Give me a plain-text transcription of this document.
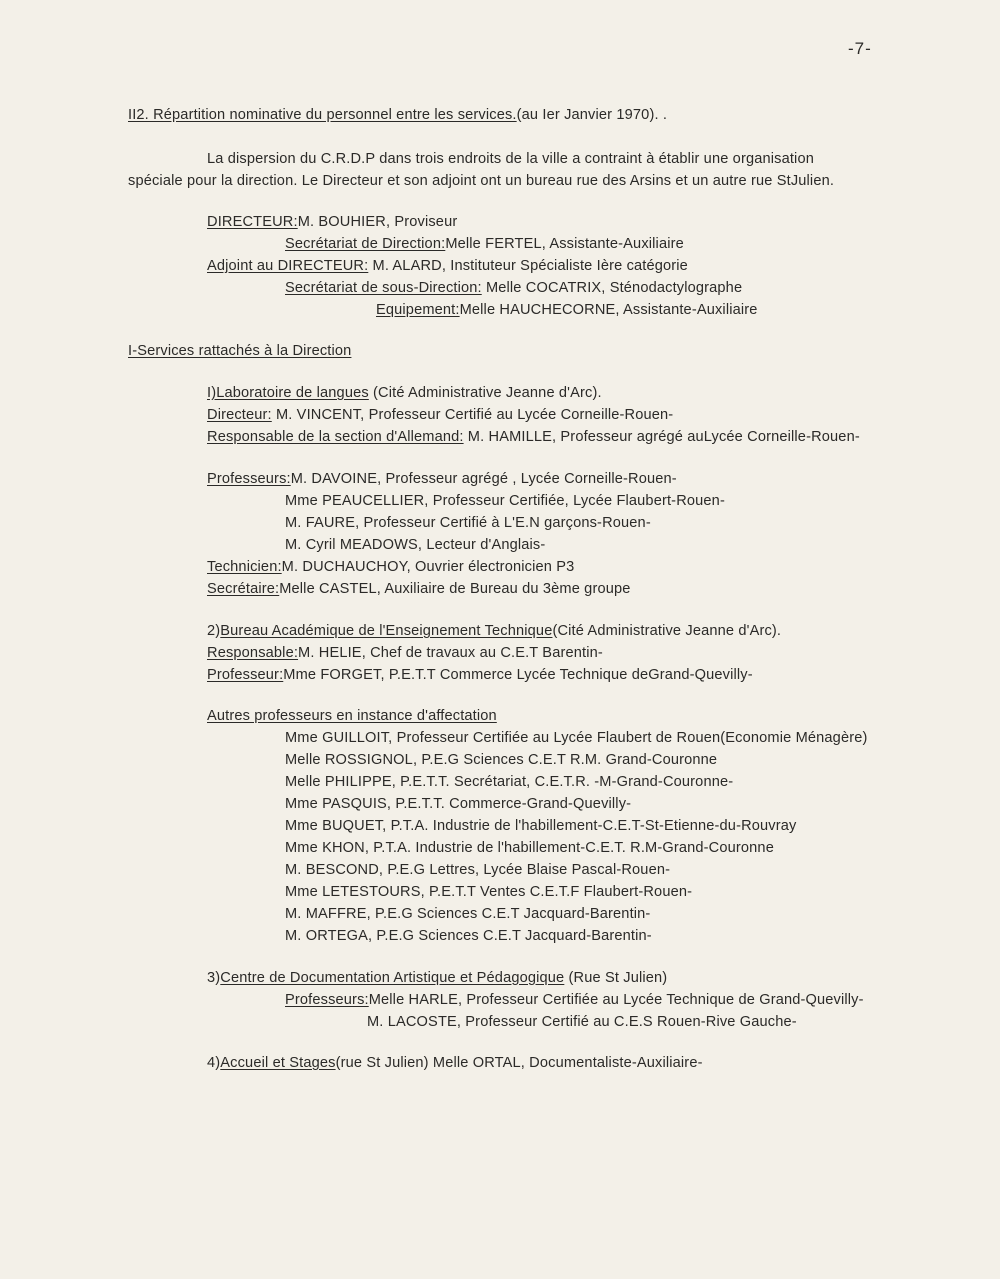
-7-
II2. Répartition nominative du personnel entre les services.(au Ier Janvier 1970). .
La dispersion du C.R.D.P dans trois endroits de la ville a contraint à établir une organisation
spéciale pour la direction. Le Directeur et son adjoint ont un bureau rue des Arsins et un autre rue StJulien.
DIRECTEUR:M. BOUHIER, Proviseur
Secrétariat de Direction:Melle FERTEL, Assistante-Auxiliaire
Adjoint au DIRECTEUR: M. ALARD, Instituteur Spécialiste Ière catégorie
Secrétariat de sous-Direction: Melle COCATRIX, Sténodactylographe
Equipement:Melle HAUCHECORNE, Assistante-Auxiliaire
I-Services rattachés à la Direction
I)Laboratoire de langues (Cité Administrative Jeanne d'Arc).
Directeur: M. VINCENT, Professeur Certifié au Lycée Corneille-Rouen-
Responsable de la section d'Allemand: M. HAMILLE, Professeur agrégé auLycée Corneille-Rouen-
Professeurs:M. DAVOINE, Professeur agrégé , Lycée Corneille-Rouen-
Mme PEAUCELLIER, Professeur Certifiée, Lycée Flaubert-Rouen-
M. FAURE, Professeur Certifié à L'E.N garçons-Rouen-
M. Cyril MEADOWS, Lecteur d'Anglais-
Technicien:M. DUCHAUCHOY, Ouvrier électronicien P3
Secrétaire:Melle CASTEL, Auxiliaire de Bureau du 3ème groupe
2)Bureau Académique de l'Enseignement Technique(Cité Administrative Jeanne d'Arc).
Responsable:M. HELIE, Chef de travaux au C.E.T Barentin-
Professeur:Mme FORGET, P.E.T.T Commerce Lycée Technique deGrand-Quevilly-
Autres professeurs en instance d'affectation
Mme GUILLOIT, Professeur Certifiée au Lycée Flaubert de Rouen(Economie Ménagère)
Melle ROSSIGNOL, P.E.G Sciences C.E.T R.M. Grand-Couronne
Melle PHILIPPE, P.E.T.T. Secrétariat, C.E.T.R. -M-Grand-Couronne-
Mme PASQUIS, P.E.T.T. Commerce-Grand-Quevilly-
Mme BUQUET, P.T.A. Industrie de l'habillement-C.E.T-St-Etienne-du-Rouvray
Mme KHON, P.T.A. Industrie de l'habillement-C.E.T. R.M-Grand-Couronne
M. BESCOND, P.E.G Lettres, Lycée Blaise Pascal-Rouen-
Mme LETESTOURS, P.E.T.T Ventes C.E.T.F Flaubert-Rouen-
M. MAFFRE, P.E.G Sciences C.E.T Jacquard-Barentin-
M. ORTEGA, P.E.G Sciences C.E.T Jacquard-Barentin-
3)Centre de Documentation Artistique et Pédagogique (Rue St Julien)
Professeurs:Melle HARLE, Professeur Certifiée au Lycée Technique de Grand-Quevilly-
M. LACOSTE, Professeur Certifié au C.E.S Rouen-Rive Gauche-
4)Accueil et Stages(rue St Julien) Melle ORTAL, Documentaliste-Auxiliaire-
